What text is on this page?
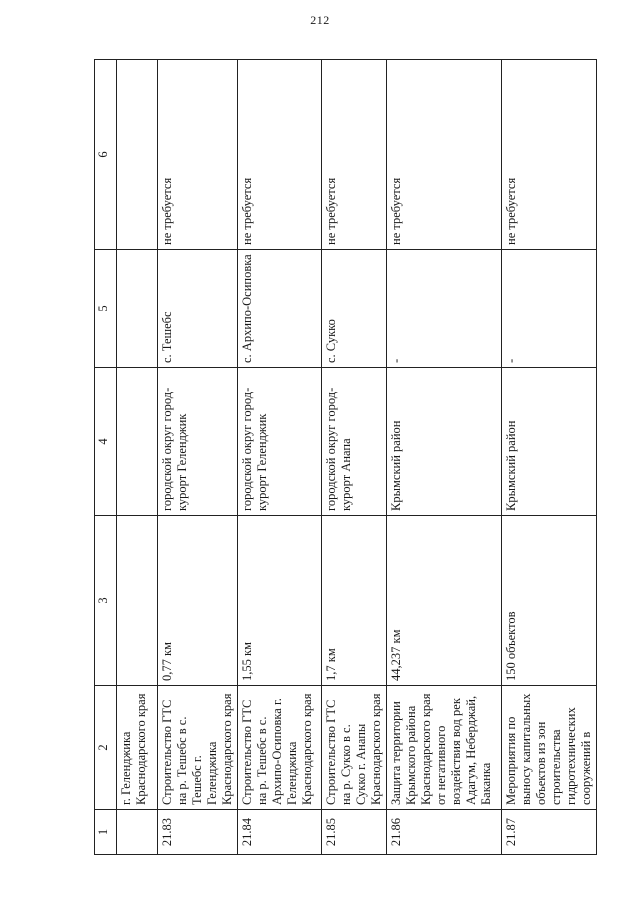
212
1	2	3	4	5	6
	г. Геленджика Краснодарского края				
21.83	Строительство ГТС на р. Тешебс в с. Тешебс г. Геленджика Краснодарского края	0,77 км	городской округ город-курорт Геленджик	с. Тешебс	не требуется
21.84	Строительство ГТС на р. Тешебс в с. Архипо-Осиповка г. Геленджика Краснодарского края	1,55 км	городской округ город-курорт Геленджик	с. Архипо-Осиповка	не требуется
21.85	Строительство ГТС на р. Сукко в с. Сукко г. Анапы Краснодарского края	1,7 км	городской округ город-курорт Анапа	с. Сукко	не требуется
21.86	Защита территории Крымского района Краснодарского края от негативного воздействия вод рек Адагум, Неберджай, Баканка	44,237 км	Крымский район	-	не требуется
21.87	Мероприятия по выносу капитальных объектов из зон строительства гидротехнических сооружений в	150 объектов	Крымский район	-	не требуется
